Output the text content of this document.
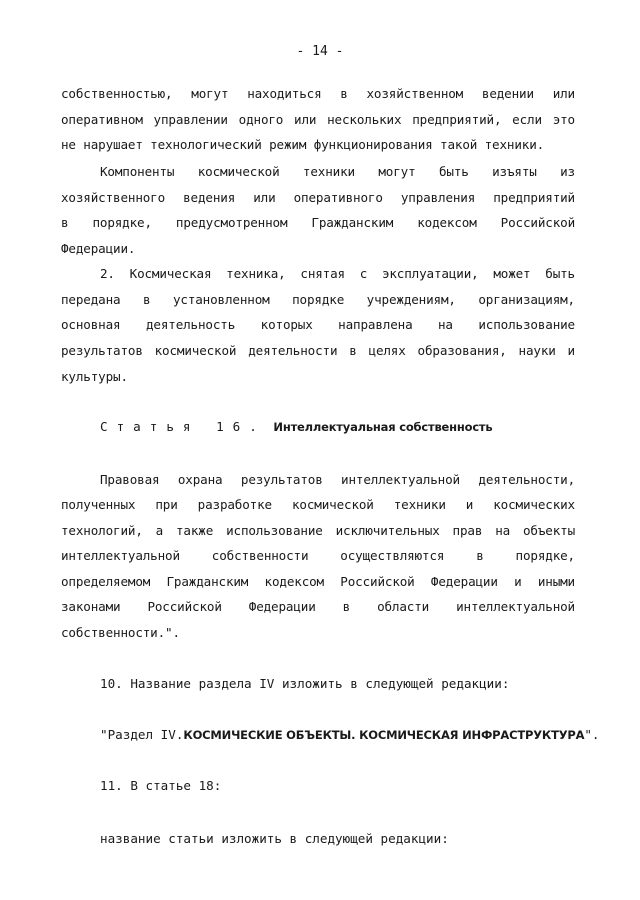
- 14 -
собственностью, могут находиться в хозяйственном ведении или
оперативном управлении одного или нескольких предприятий, если это
не нарушает технологический режим функционирования такой техники.
Компоненты космической техники могут быть изъяты из
хозяйственного ведения или оперативного управления предприятий
в порядке, предусмотренном Гражданским кодексом Российской
Федерации.
2. Космическая техника, снятая с эксплуатации, может быть
передана в установленном порядке учреждениям, организациям,
основная деятельность которых направлена на использование
результатов космической деятельности в целях образования, науки и
культуры.
Статья 16. Интеллектуальная собственность
Правовая охрана результатов интеллектуальной деятельности,
полученных при разработке космической техники и космических
технологий, а также использование исключительных прав на объекты
интеллектуальной собственности осуществляются в порядке,
определяемом Гражданским кодексом Российской Федерации и иными
законами Российской Федерации в области интеллектуальной
собственности.".
10. Название раздела IV изложить в следующей редакции:
"Раздел IV.КОСМИЧЕСКИЕ ОБЪЕКТЫ. КОСМИЧЕСКАЯ ИНФРАСТРУКТУРА".
11. В статье 18:
название статьи изложить в следующей редакции:
